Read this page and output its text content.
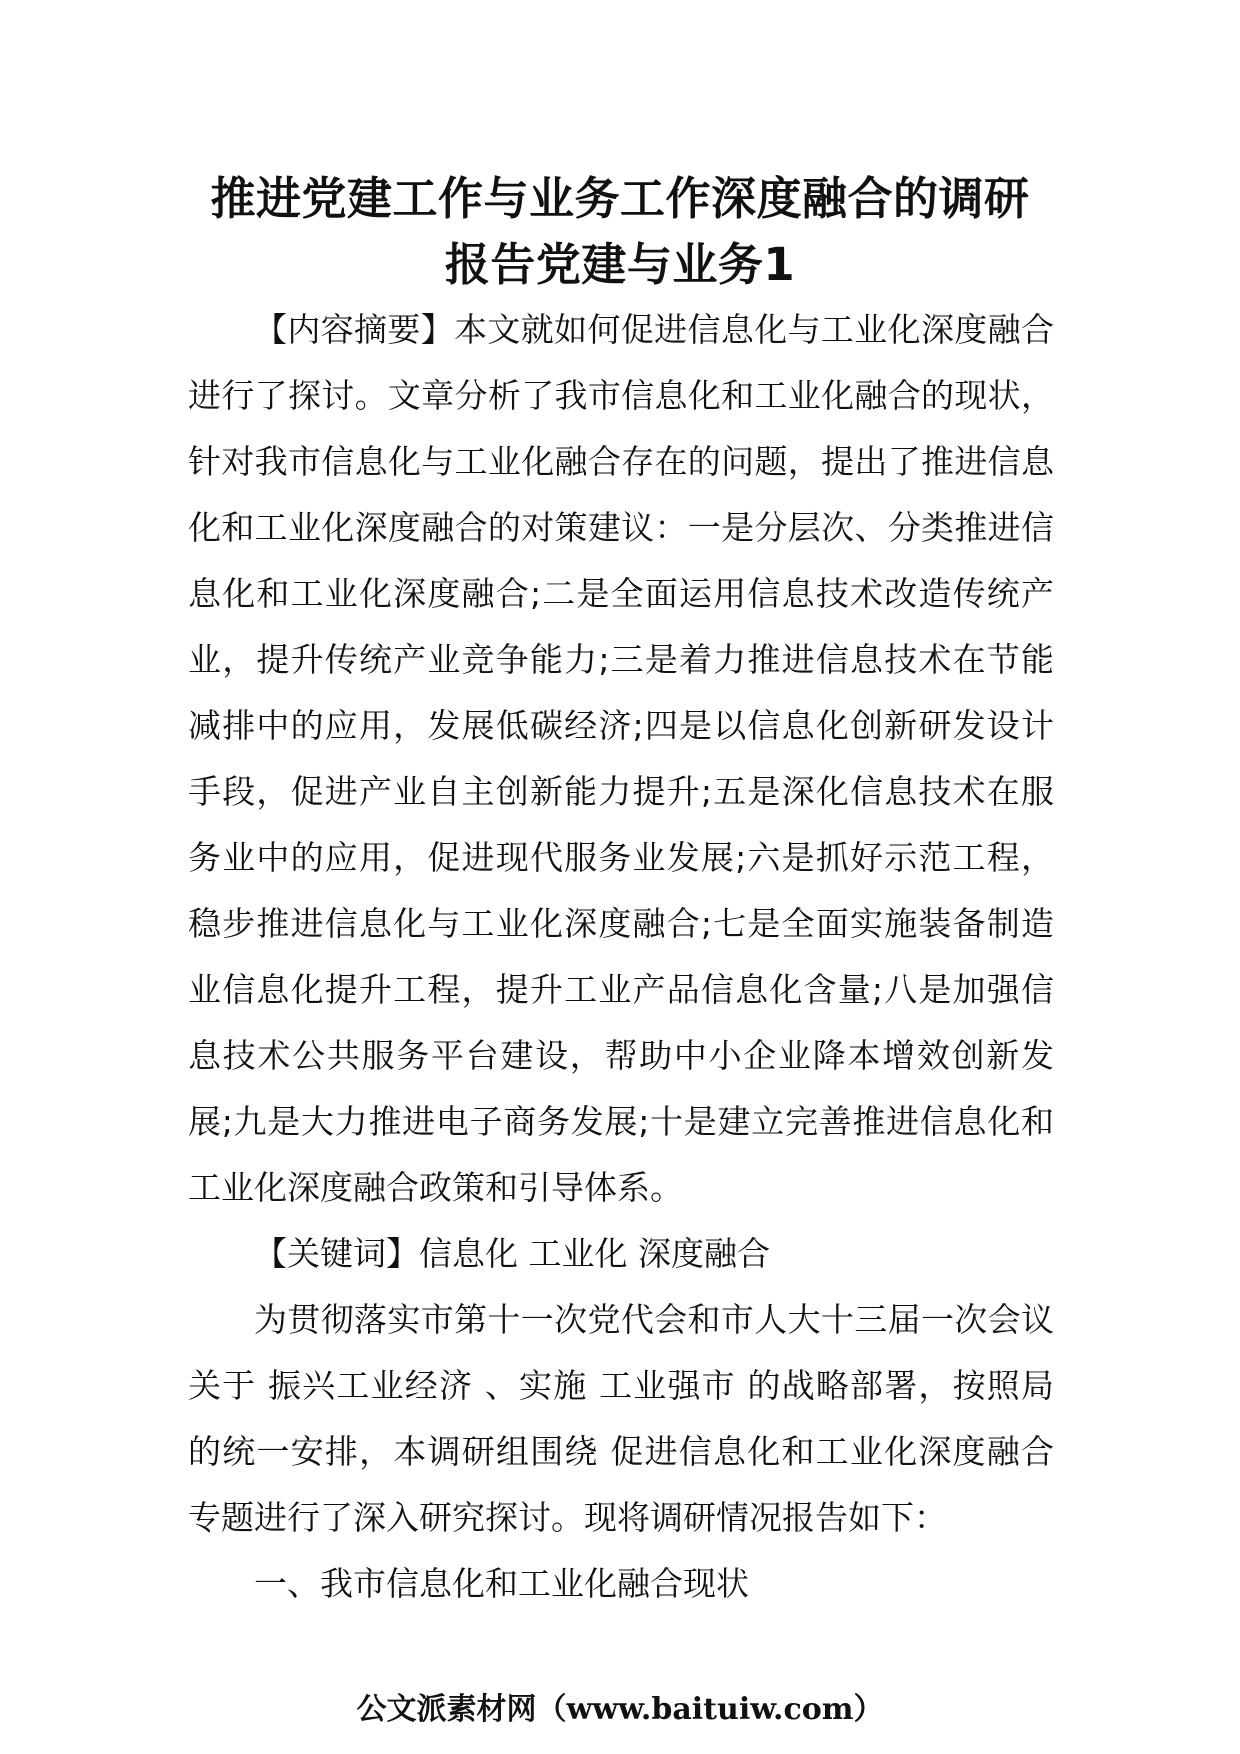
推进党建工作与业务工作深度融合的调研
报告党建与业务1

【内容摘要】本文就如何促进信息化与工业化深度融合进行了探讨。文章分析了我市信息化和工业化融合的现状，针对我市信息化与工业化融合存在的问题，提出了推进信息化和工业化深度融合的对策建议：一是分层次、分类推进信息化和工业化深度融合;二是全面运用信息技术改造传统产业，提升传统产业竞争能力;三是着力推进信息技术在节能减排中的应用，发展低碳经济;四是以信息化创新研发设计手段，促进产业自主创新能力提升;五是深化信息技术在服务业中的应用，促进现代服务业发展;六是抓好示范工程，稳步推进信息化与工业化深度融合;七是全面实施装备制造业信息化提升工程，提升工业产品信息化含量;八是加强信息技术公共服务平台建设，帮助中小企业降本增效创新发展;九是大力推进电子商务发展;十是建立完善推进信息化和工业化深度融合政策和引导体系。

【关键词】信息化 工业化 深度融合

为贯彻落实市第十一次党代会和市人大十三届一次会议关于 振兴工业经济 、实施 工业强市 的战略部署，按照局的统一安排，本调研组围绕 促进信息化和工业化深度融合 专题进行了深入研究探讨。现将调研情况报告如下：

一、我市信息化和工业化融合现状

公文派素材网（www.baituiw.com）
